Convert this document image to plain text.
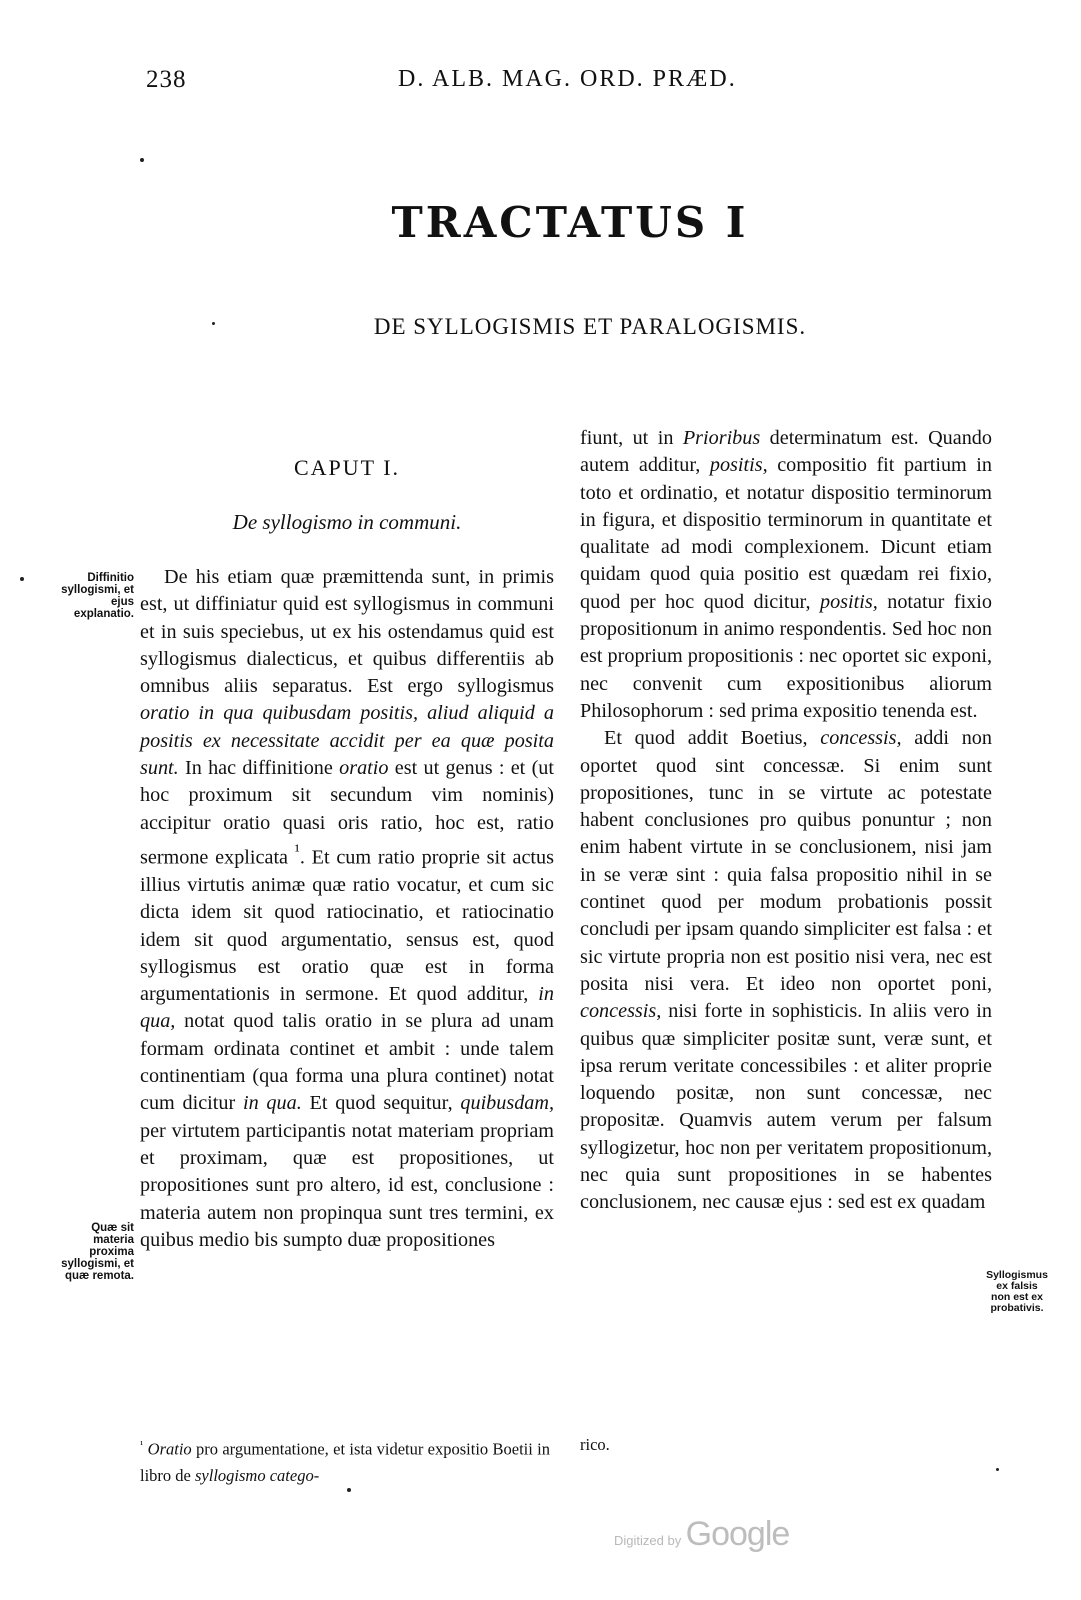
238	D. ALB. MAG. ORD. PRÆD.
TRACTATUS I
DE SYLLOGISMIS ET PARALOGISMIS.
CAPUT I.
De syllogismo in communi.
Diffinitio syllogismi, et ejus explanatio.
Quæ sit materia proxima syllogismi, et quæ remota.	Syllogismus ex falsis non est ex probativis.

De his etiam quæ præmittenda sunt, in primis est, ut diffiniatur quid est syllogismus in communi et in suis speciebus, ut ex his ostendamus quid est syllogismus dialecticus, et quibus differentiis ab omnibus aliis separatus. Est ergo syllogismus oratio in qua quibusdam positis, aliud aliquid a positis ex necessitate accidit per ea quæ posita sunt. In hac diffinitione oratio est ut genus : et (ut hoc proximum sit secundum vim nominis) accipitur oratio quasi oris ratio, hoc est, ratio sermone explicata $^{^1}$. Et cum ratio proprie sit actus illius virtutis animæ quæ ratio vocatur, et cum sic dicta idem sit quod ratiocinatio, et ratiocinatio idem sit quod argumentatio, sensus est, quod syllogismus est oratio quæ est in forma argumentationis in sermone. Et quod additur, in qua, notat quod talis oratio in se plura ad unam formam ordinata continet et ambit : unde talem continentiam (qua forma una plura continet) notat cum dicitur in qua. Et quod sequitur, quibusdam, per virtutem participantis notat materiam propriam et proximam, quæ est propositiones, ut propositiones sunt pro altero, id est, conclusione : materia autem non propinqua sunt tres termini, ex quibus medio bis sumpto duæ propositiones

fiunt, ut in Prioribus determinatum est. Quando autem additur, positis, compositio fit partium in toto et ordinatio, et notatur dispositio terminorum in figura, et dispositio terminorum in quantitate et qualitate ad modi complexionem. Dicunt etiam quidam quod quia positio est quædam rei fixio, quod per hoc quod dicitur, positis, notatur fixio propositionum in animo respondentis. Sed hoc non est proprium propositionis : nec oportet sic exponi, nec convenit cum expositionibus aliorum Philosophorum : sed prima expositio tenenda est.

Et quod addit Boetius, concessis, addi non oportet quod sint concessæ. Si enim sunt propositiones, tunc in se virtute ac potestate habent conclusiones pro quibus ponuntur ; non enim habent virtute in se conclusionem, nisi jam in se veræ sint : quia falsa propositio nihil in se continet quod per modum probationis possit concludi per ipsam quando simpliciter est falsa : et sic virtute propria non est positio nisi vera, nec est posita nisi vera. Et ideo non oportet poni, concessis, nisi forte in sophisticis. In aliis vero in quibus quæ simpliciter positæ sunt, veræ sunt, et ipsa rerum veritate concessibiles : et aliter proprie loquendo positæ, non sunt concessæ, nec propositæ. Quamvis autem verum per falsum syllogizetur, hoc non per veritatem propositionum, nec quia sunt propositiones in se habentes conclusionem, nec causæ ejus : sed est ex quadam

$^{^1}$ Oratio pro argumentatione, et ista videtur expositio Boetii in libro de syllogismo catego-
rico.
Digitized by Google
